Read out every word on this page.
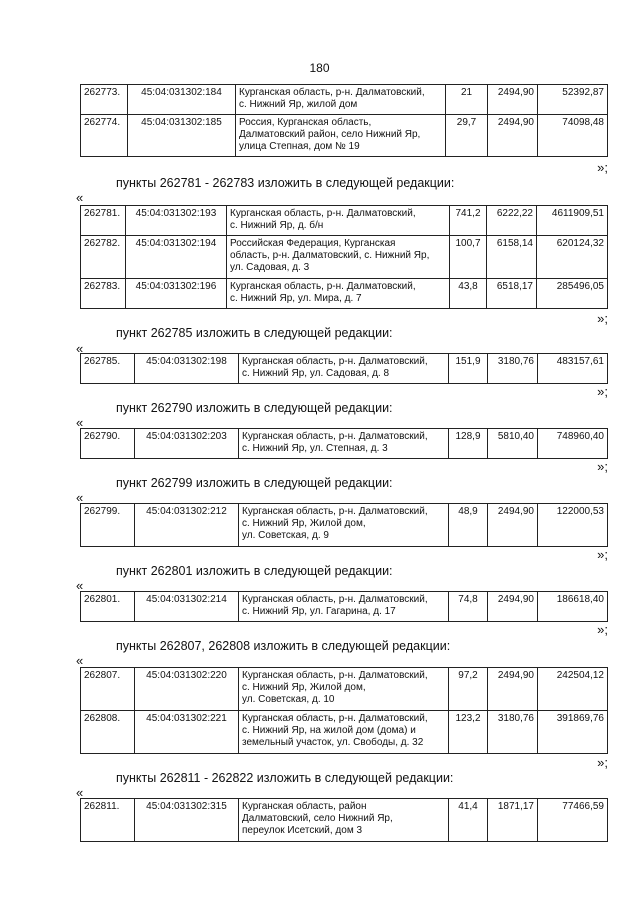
180
262773.	45:04:031302:184	Курганская область, р-н. Далматовский,
с. Нижний Яр, жилой дом	21	2494,90	52392,87
262774.	45:04:031302:185	Россия, Курганская область,
Далматовский район, село Нижний Яр,
улица Степная, дом № 19	29,7	2494,90	74098,48
»;
пункты 262781 - 262783 изложить в следующей редакции:
«
262781.	45:04:031302:193	Курганская область, р-н. Далматовский,
с. Нижний Яр, д. б/н	741,2	6222,22	4611909,51
262782.	45:04:031302:194	Российская Федерация, Курганская
область, р-н. Далматовский, с. Нижний Яр,
ул. Садовая, д. 3	100,7	6158,14	620124,32
262783.	45:04:031302:196	Курганская область, р-н. Далматовский,
с. Нижний Яр, ул. Мира, д. 7	43,8	6518,17	285496,05
»;
пункт 262785 изложить в следующей редакции:
«
262785.	45:04:031302:198	Курганская область, р-н. Далматовский,
с. Нижний Яр, ул. Садовая, д. 8	151,9	3180,76	483157,61
»;
пункт 262790 изложить в следующей редакции:
«
262790.	45:04:031302:203	Курганская область, р-н. Далматовский,
с. Нижний Яр, ул. Степная, д. 3	128,9	5810,40	748960,40
»;
пункт 262799 изложить в следующей редакции:
«
262799.	45:04:031302:212	Курганская область, р-н. Далматовский,
с. Нижний Яр, Жилой дом,
ул. Советская, д. 9	48,9	2494,90	122000,53
»;
пункт 262801 изложить в следующей редакции:
«
262801.	45:04:031302:214	Курганская область, р-н. Далматовский,
с. Нижний Яр, ул. Гагарина, д. 17	74,8	2494,90	186618,40
»;
пункты 262807, 262808 изложить в следующей редакции:
«
262807.	45:04:031302:220	Курганская область, р-н. Далматовский,
с. Нижний Яр, Жилой дом,
ул. Советская, д. 10	97,2	2494,90	242504,12
262808.	45:04:031302:221	Курганская область, р-н. Далматовский,
с. Нижний Яр, на жилой дом (дома) и
земельный участок, ул. Свободы, д. 32	123,2	3180,76	391869,76
»;
пункты 262811 - 262822 изложить в следующей редакции:
«
262811.	45:04:031302:315	Курганская область, район
Далматовский, село Нижний Яр,
переулок Исетский, дом 3	41,4	1871,17	77466,59
